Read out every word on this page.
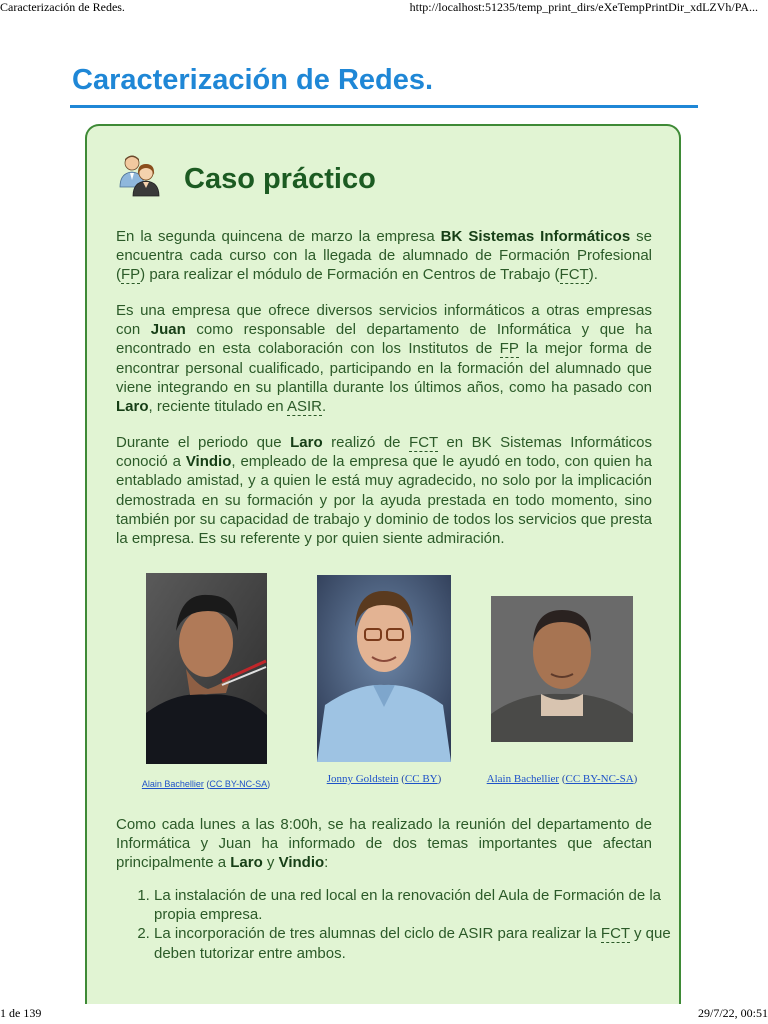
Caracterización de Redes.	http://localhost:51235/temp_print_dirs/eXeTempPrintDir_xdLZVh/PA...
Caracterización de Redes.
Caso práctico

En la segunda quincena de marzo la empresa BK Sistemas Informáticos se encuentra cada curso con la llegada de alumnado de Formación Profesional (FP) para realizar el módulo de Formación en Centros de Trabajo (FCT).

Es una empresa que ofrece diversos servicios informáticos a otras empresas con Juan como responsable del departamento de Informática y que ha encontrado en esta colaboración con los Institutos de FP la mejor forma de encontrar personal cualificado, participando en la formación del alumnado que viene integrando en su plantilla durante los últimos años, como ha pasado con Laro, reciente titulado en ASIR.

Durante el periodo que Laro realizó de FCT en BK Sistemas Informáticos conoció a Vindio, empleado de la empresa que le ayudó en todo, con quien ha entablado amistad, y a quien le está muy agradecido, no solo por la implicación demostrada en su formación y por la ayuda prestada en todo momento, sino también por su capacidad de trabajo y dominio de todos los servicios que presta la empresa. Es su referente y por quien siente admiración.

Alain Bachellier (CC BY-NC-SA)	Jonny Goldstein (CC BY)	Alain Bachellier (CC BY-NC-SA)

Como cada lunes a las 8:00h, se ha realizado la reunión del departamento de Informática y Juan ha informado de dos temas importantes que afectan principalmente a Laro y Vindio:

1. La instalación de una red local en la renovación del Aula de Formación de la propia empresa.
2. La incorporación de tres alumnas del ciclo de ASIR para realizar la FCT y que deben tutorizar entre ambos.
1 de 139	29/7/22, 00:51
